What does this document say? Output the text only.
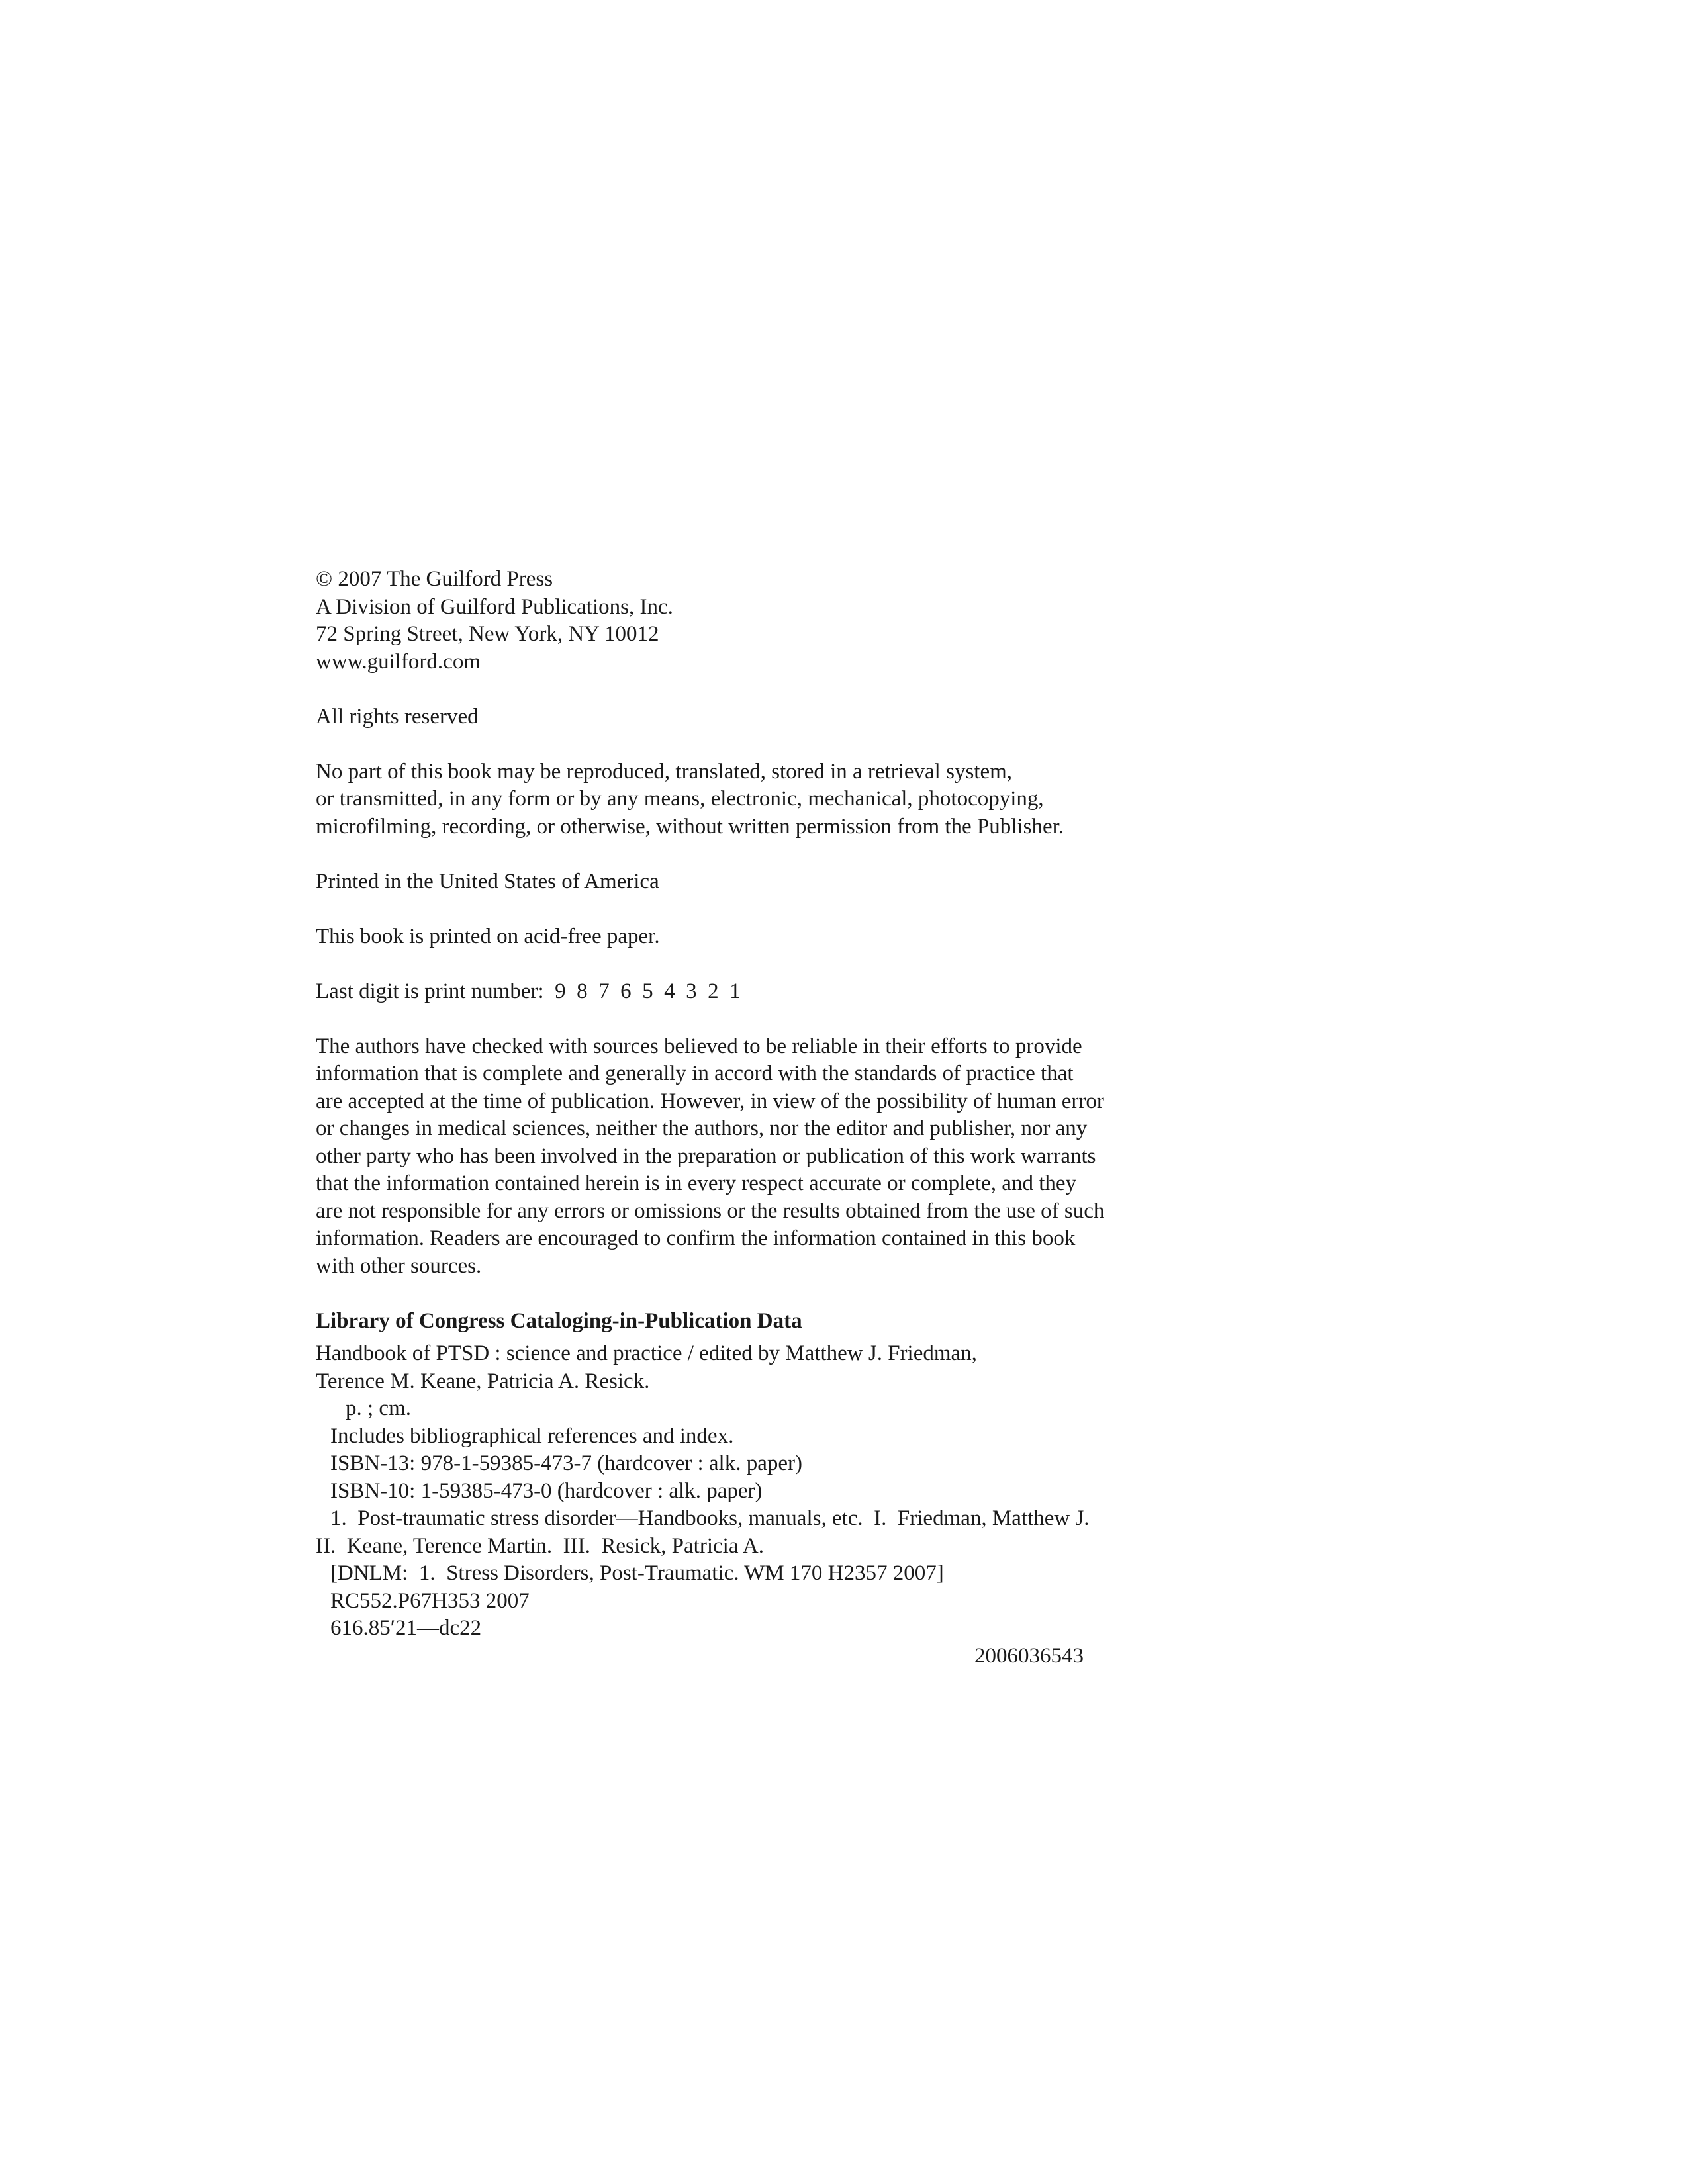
© 2007 The Guilford Press

A Division of Guilford Publications, Inc.

72 Spring Street, New York, NY 10012

www.guilford.com

All rights reserved

No part of this book may be reproduced, translated, stored in a retrieval system,

or transmitted, in any form or by any means, electronic, mechanical, photocopying,

microfilming, recording, or otherwise, without written permission from the Publisher.

Printed in the United States of America

This book is printed on acid-free paper.

Last digit is print number:  9  8  7  6  5  4  3  2  1

The authors have checked with sources believed to be reliable in their efforts to provide

information that is complete and generally in accord with the standards of practice that

are accepted at the time of publication. However, in view of the possibility of human error

or changes in medical sciences, neither the authors, nor the editor and publisher, nor any

other party who has been involved in the preparation or publication of this work warrants

that the information contained herein is in every respect accurate or complete, and they

are not responsible for any errors or omissions or the results obtained from the use of such

information. Readers are encouraged to confirm the information contained in this book

with other sources.

Library of Congress Cataloging-in-Publication Data

Handbook of PTSD : science and practice / edited by Matthew J. Friedman,

Terence M. Keane, Patricia A. Resick.

p. ; cm.

Includes bibliographical references and index.

ISBN-13: 978-1-59385-473-7 (hardcover : alk. paper)

ISBN-10: 1-59385-473-0 (hardcover : alk. paper)

1.  Post-traumatic stress disorder—Handbooks, manuals, etc.  I.  Friedman, Matthew J.

II.  Keane, Terence Martin.  III.  Resick, Patricia A.

[DNLM:  1.  Stress Disorders, Post-Traumatic. WM 170 H2357 2007]

RC552.P67H353 2007

616.85′21—dc22

2006036543
